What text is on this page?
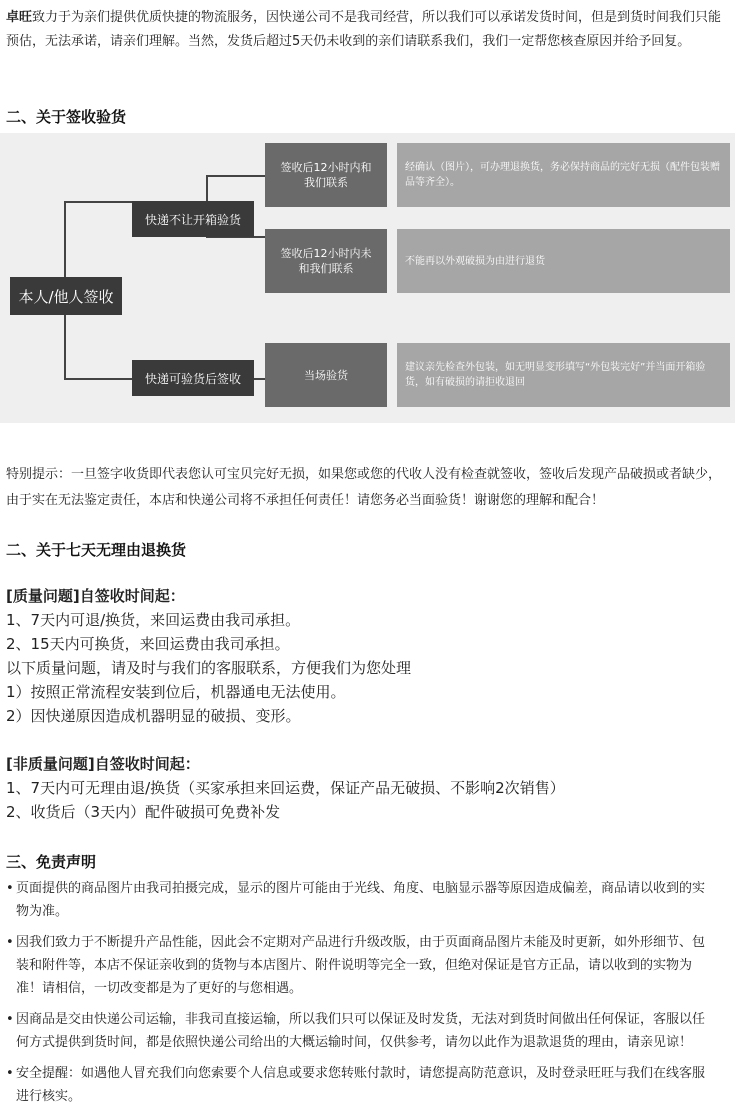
卓旺致力于为亲们提供优质快捷的物流服务，因快递公司不是我司经营，所以我们可以承诺发货时间，但是到货时间我们只能预估，无法承诺，请亲们理解。当然，发货后超过5天仍未收到的亲们请联系我们，我们一定帮您核查原因并给予回复。
二、关于签收验货
本人/他人签收
快递不让开箱验货
快递可验货后签收
签收后12小时内和我们联系
签收后12小时内未和我们联系
当场验货
经确认（图片），可办理退换货，务必保持商品的完好无损（配件包装赠品等齐全）。
不能再以外观破损为由进行退货
建议亲先检查外包装，如无明显变形填写“外包装完好”并当面开箱验货，如有破损的请拒收退回
特别提示：一旦签字收货即代表您认可宝贝完好无损，如果您或您的代收人没有检查就签收，签收后发现产品破损或者缺少，由于实在无法鉴定责任，本店和快递公司将不承担任何责任！请您务必当面验货！谢谢您的理解和配合！
二、关于七天无理由退换货
[质量问题]自签收时间起：
1、7天内可退/换货，来回运费由我司承担。
2、15天内可换货，来回运费由我司承担。
以下质量问题，请及时与我们的客服联系，方便我们为您处理
1）按照正常流程安装到位后，机器通电无法使用。
2）因快递原因造成机器明显的破损、变形。
[非质量问题]自签收时间起：
1、7天内可无理由退/换货（买家承担来回运费，保证产品无破损、不影响2次销售）
2、收货后（3天内）配件破损可免费补发
三、免责声明
• 页面提供的商品图片由我司拍摄完成，显示的图片可能由于光线、角度、电脑显示器等原因造成偏差，商品请以收到的实物为准。
• 因我们致力于不断提升产品性能，因此会不定期对产品进行升级改版，由于页面商品图片未能及时更新，如外形细节、包装和附件等，本店不保证亲收到的货物与本店图片、附件说明等完全一致，但绝对保证是官方正品，请以收到的实物为准！请相信，一切改变都是为了更好的与您相遇。
• 因商品是交由快递公司运输，非我司直接运输，所以我们只可以保证及时发货，无法对到货时间做出任何保证，客服以任何方式提供到货时间，都是依照快递公司给出的大概运输时间，仅供参考，请勿以此作为退款退货的理由，请亲见谅！
• 安全提醒：如遇他人冒充我们向您索要个人信息或要求您转账付款时，请您提高防范意识，及时登录旺旺与我们在线客服进行核实。
